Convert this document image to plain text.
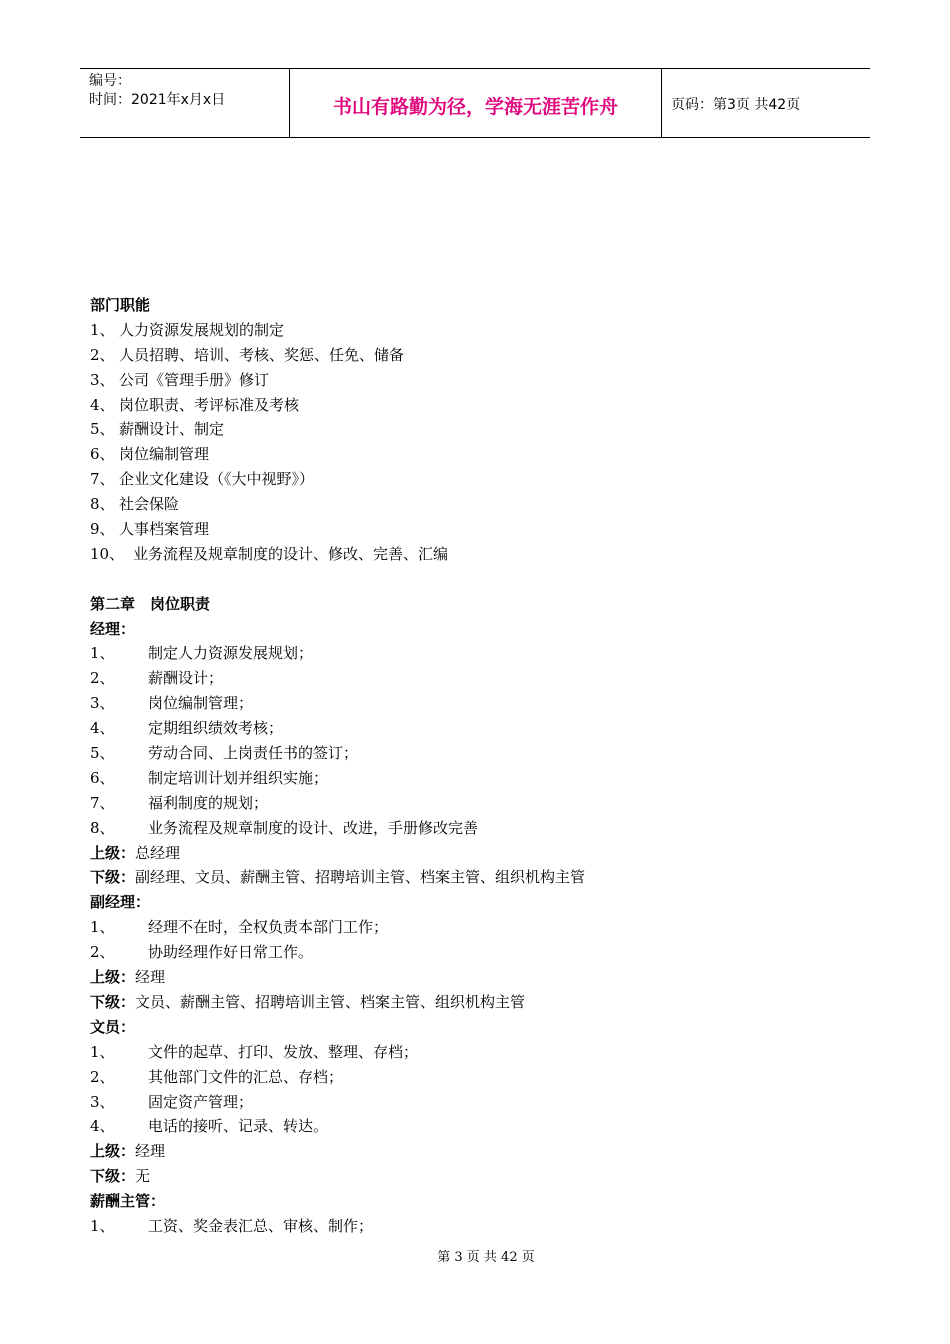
编号：
时间：2021年x月x日	书山有路勤为径，学海无涯苦作舟	页码：第3页 共42页
部门职能
1、 人力资源发展规划的制定
2、 人员招聘、培训、考核、奖惩、任免、储备
3、 公司《管理手册》修订
4、 岗位职责、考评标准及考核
5、 薪酬设计、制定
6、 岗位编制管理
7、 企业文化建设（《大中视野》）
8、 社会保险
9、 人事档案管理
10、 业务流程及规章制度的设计、修改、完善、汇编
第二章　岗位职责
经理：
1、 制定人力资源发展规划；
2、 薪酬设计；
3、 岗位编制管理；
4、 定期组织绩效考核；
5、 劳动合同、上岗责任书的签订；
6、 制定培训计划并组织实施；
7、 福利制度的规划；
8、 业务流程及规章制度的设计、改进，手册修改完善
上级：总经理
下级：副经理、文员、薪酬主管、招聘培训主管、档案主管、组织机构主管
副经理：
1、 经理不在时，全权负责本部门工作；
2、 协助经理作好日常工作。
上级：经理
下级：文员、薪酬主管、招聘培训主管、档案主管、组织机构主管
文员：
1、 文件的起草、打印、发放、整理、存档；
2、 其他部门文件的汇总、存档；
3、 固定资产管理；
4、 电话的接听、记录、转达。
上级：经理
下级：无
薪酬主管：
1、 工资、奖金表汇总、审核、制作；
第 3 页 共 42 页
